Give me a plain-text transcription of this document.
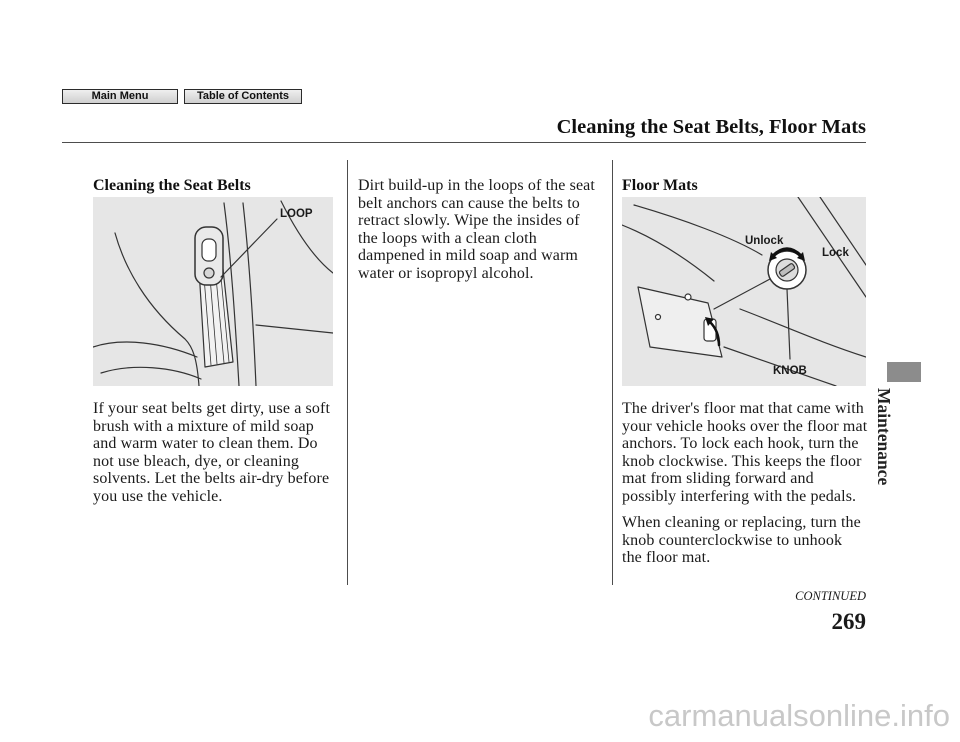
Main Menu	Table of Contents
Cleaning the Seat Belts, Floor Mats
Cleaning the Seat Belts
LOOP
If your seat belts get dirty, use a soft
brush with a mixture of mild soap
and warm water to clean them. Do
not use bleach, dye, or cleaning
solvents. Let the belts air-dry before
you use the vehicle.
Dirt build-up in the loops of the seat
belt anchors can cause the belts to
retract slowly. Wipe the insides of
the loops with a clean cloth
dampened in mild soap and warm
water or isopropyl alcohol.
Floor Mats
Unlock
Lock
KNOB
The driver's floor mat that came with
your vehicle hooks over the floor mat
anchors. To lock each hook, turn the
knob clockwise. This keeps the floor
mat from sliding forward and
possibly interfering with the pedals.
When cleaning or replacing, turn the
knob counterclockwise to unhook
the floor mat.
Maintenance
CONTINUED
269
carmanualsonline.info
